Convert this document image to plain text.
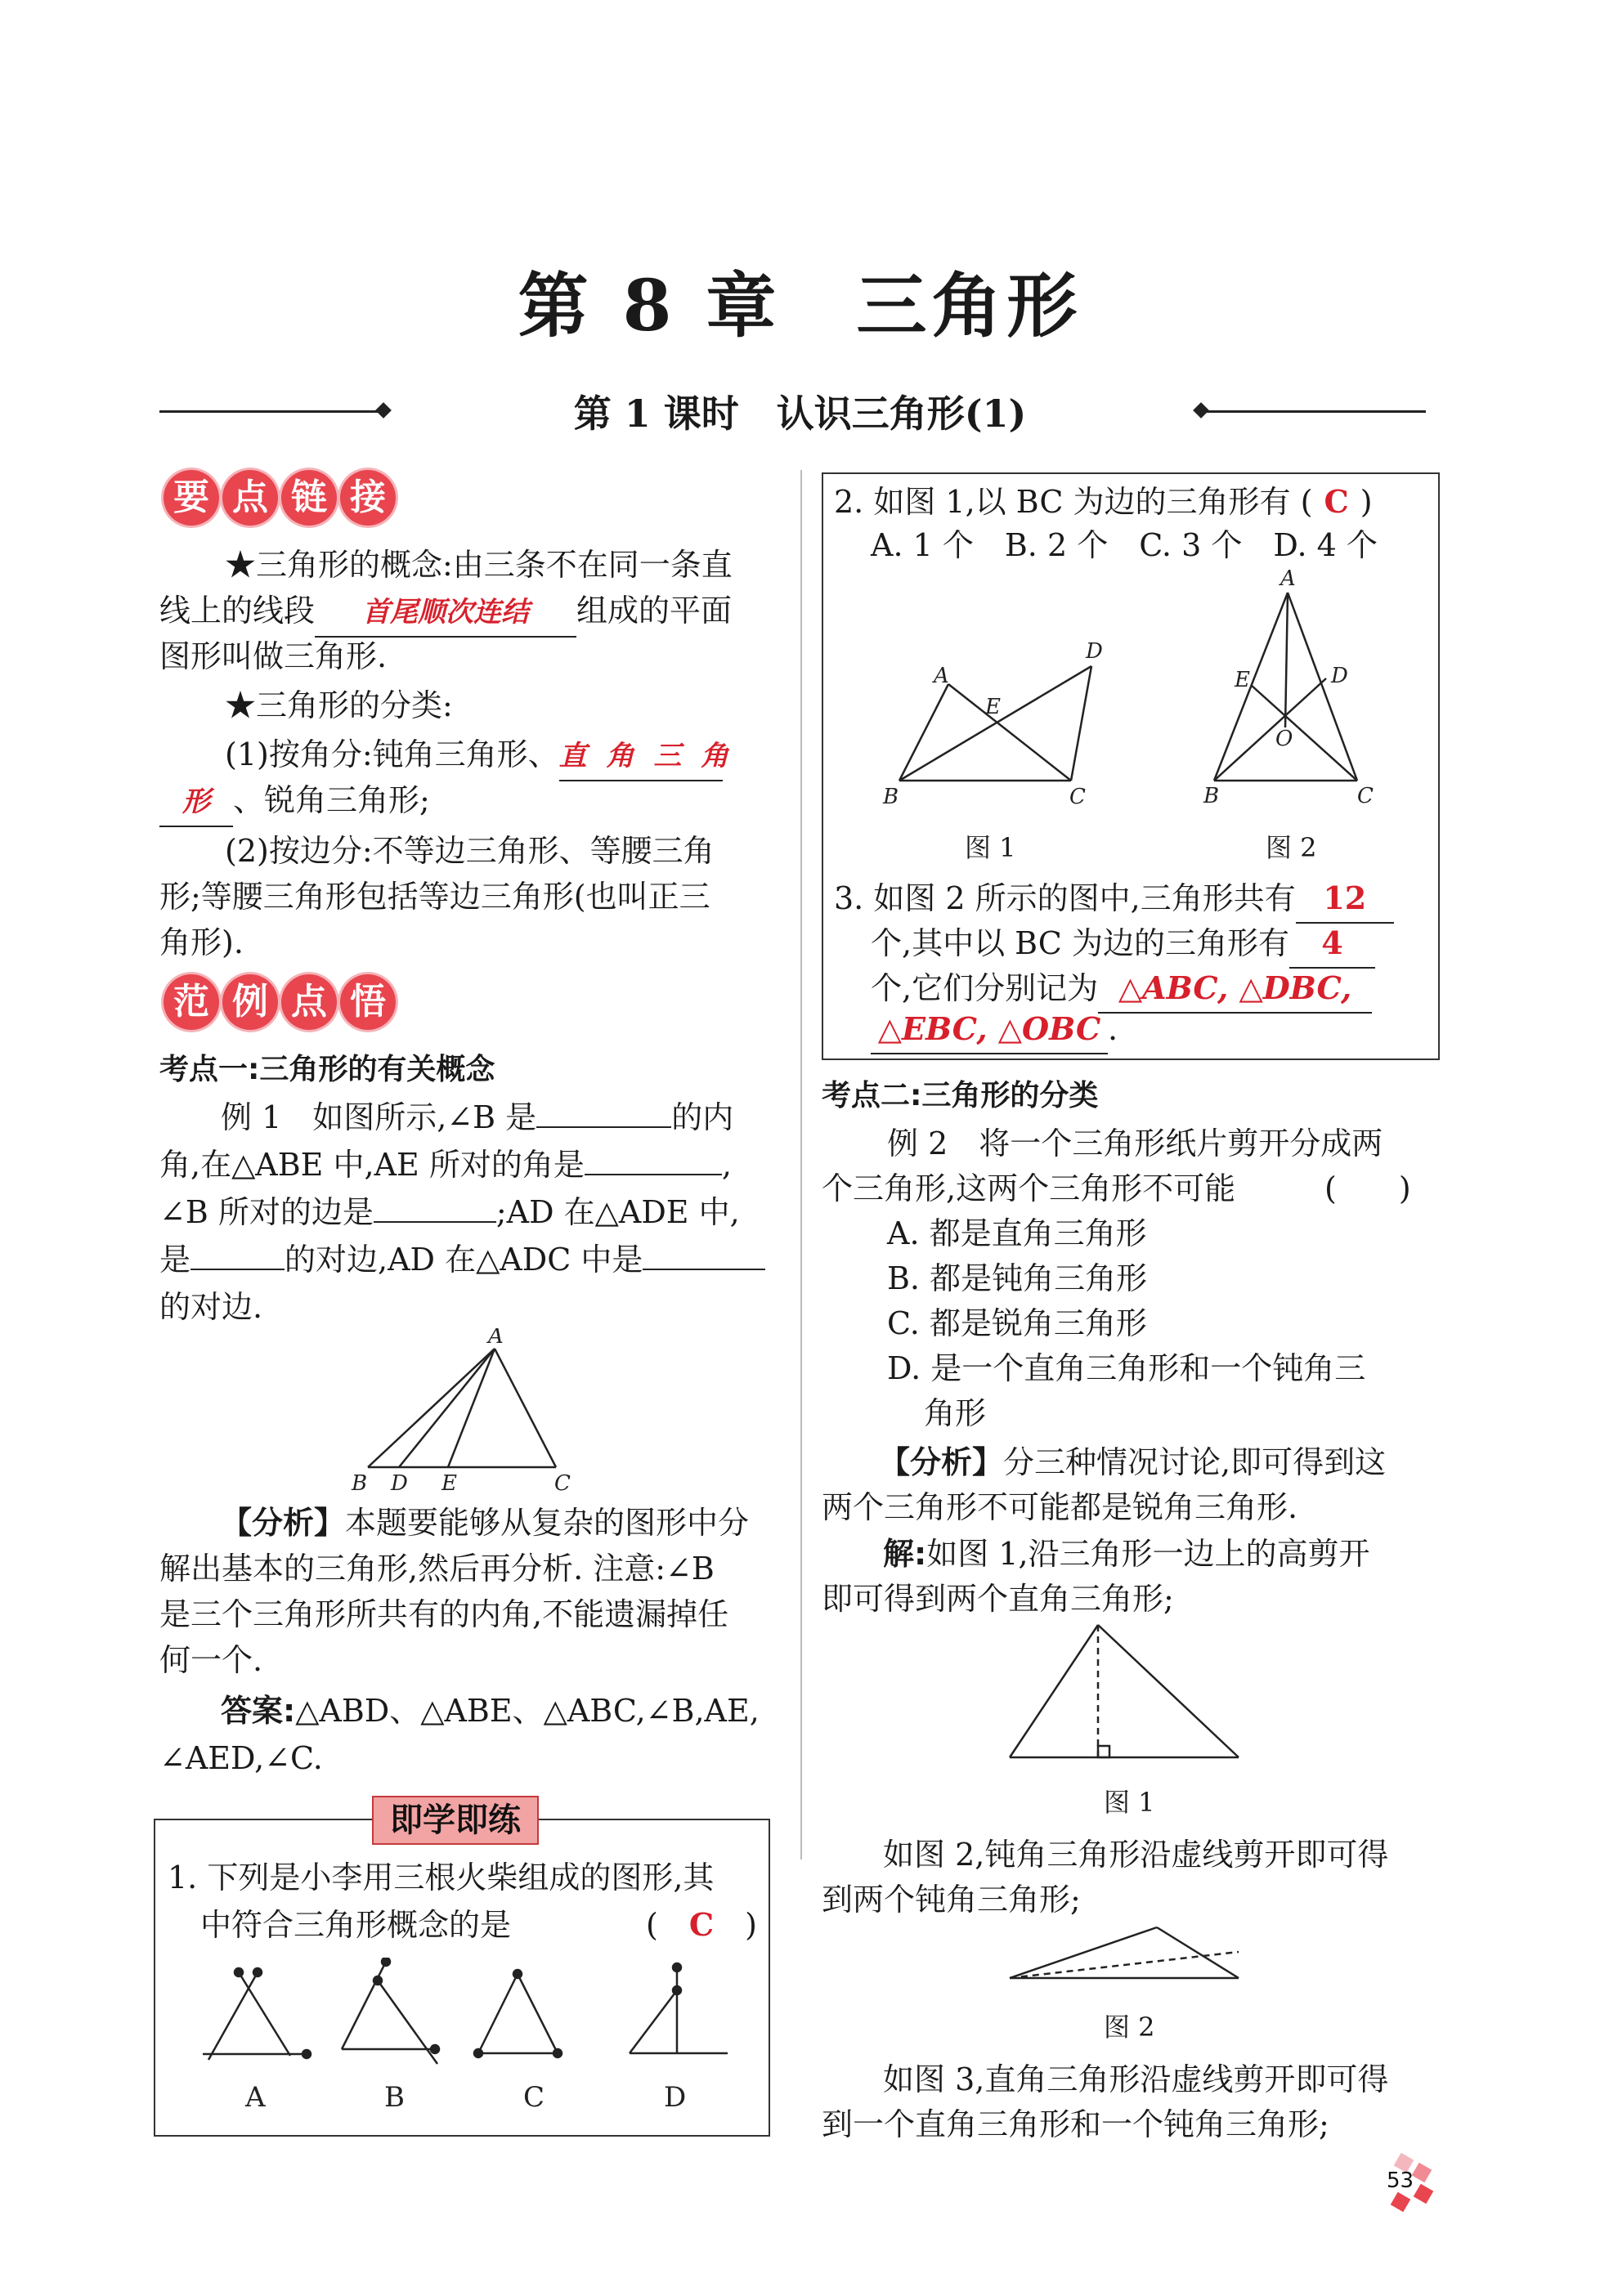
第 8 章　三角形
第 1 课时　认识三角形(1)
要 点 链 接
★三角形的概念:由三条不在同一条直
线上的线段 首尾顺次连结 组成的平面
图形叫做三角形.
★三角形的分类:
(1)按角分:钝角三角形、直 角 三 角
形 、锐角三角形;
(2)按边分:不等边三角形、等腰三角
形;等腰三角形包括等边三角形(也叫正三
角形).
范 例 点 悟
考点一:三角形的有关概念
例 1　如图所示,∠B 是	的内
角,在△ABE 中,AE 所对的角是	,
∠B 所对的边是	;AD 在△ADE 中,
是	的对边,AD 在△ADC 中是
的对边.
A
B D E	C
【分析】本题要能够从复杂的图形中分
解出基本的三角形,然后再分析. 注意:∠B
是三个三角形所共有的内角,不能遗漏掉任
何一个.
答案:△ABD、△ABE、△ABC,∠B,AE,
∠AED,∠C.
即学即练
1. 下列是小李用三根火柴组成的图形,其
中符合三角形概念的是	(　C　)
A	B	C	D
2. 如图 1,以 BC 为边的三角形有 ( C )
A. 1 个　B. 2 个　C. 3 个　D. 4 个
A
D
E
B	C
图 1
A
E	D
O
B	C
图 2
3. 如图 2 所示的图中,三角形共有 12
个,其中以 BC 为边的三角形有 4
个,它们分别记为 △ABC, △DBC,
△EBC, △OBC .
考点二:三角形的分类
例 2　将一个三角形纸片剪开分成两
个三角形,这两个三角形不可能	(　　)
A. 都是直角三角形
B. 都是钝角三角形
C. 都是锐角三角形
D. 是一个直角三角形和一个钝角三
角形
【分析】分三种情况讨论,即可得到这
两个三角形不可能都是锐角三角形.
解:如图 1,沿三角形一边上的高剪开
即可得到两个直角三角形;
图 1
如图 2,钝角三角形沿虚线剪开即可得
到两个钝角三角形;
图 2
如图 3,直角三角形沿虚线剪开即可得
到一个直角三角形和一个钝角三角形;
53
